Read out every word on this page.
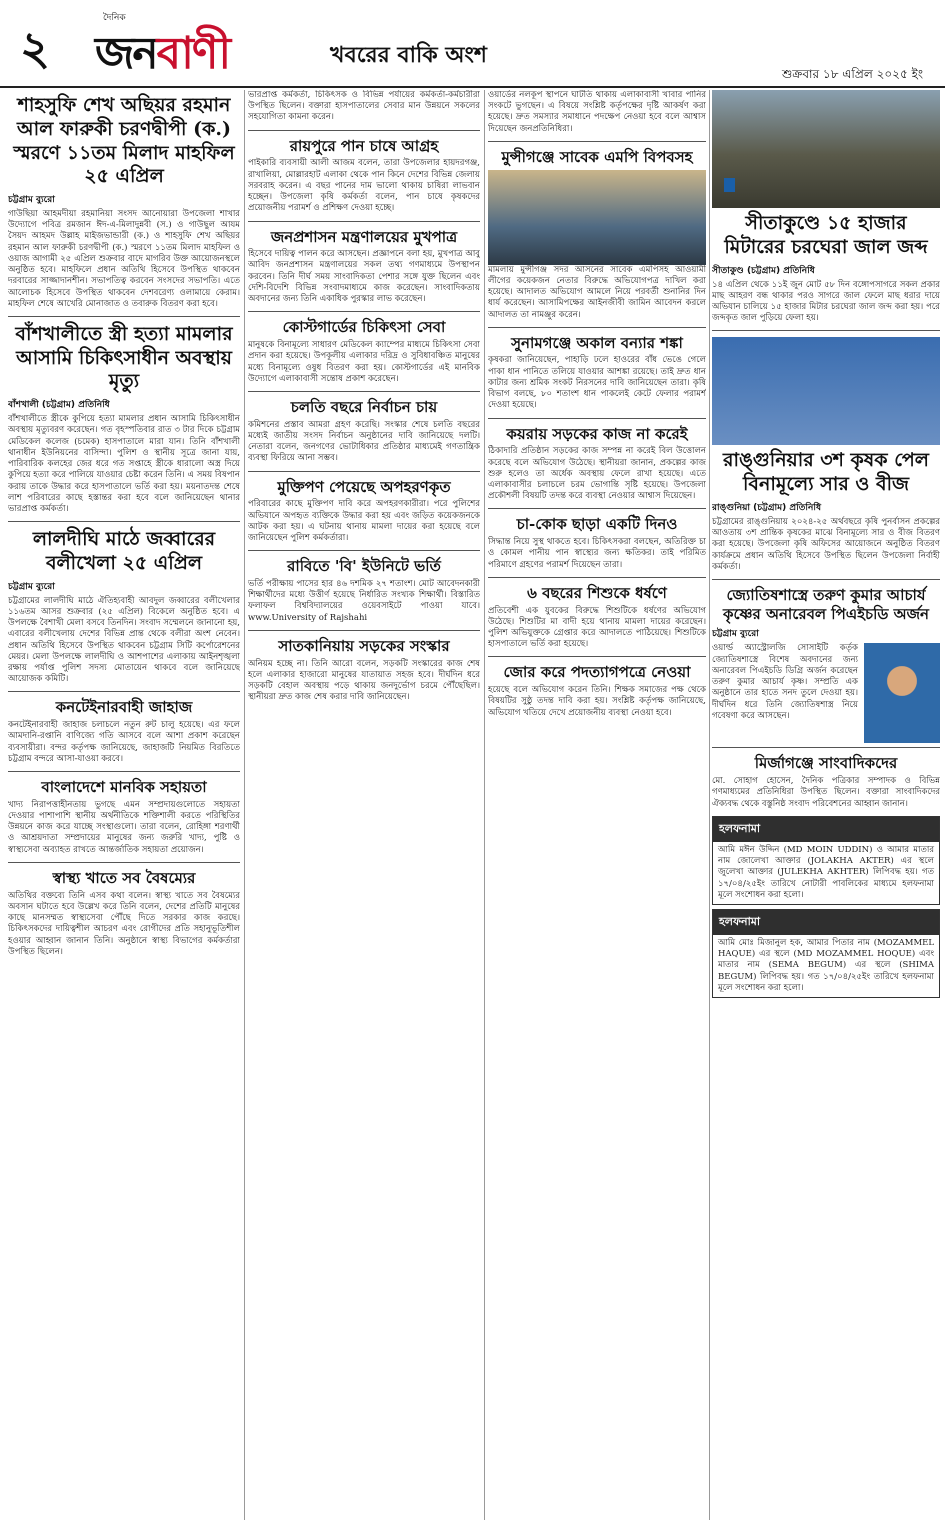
২
দৈনিক
জনবাণী	খবরের বাকি অংশ
শুক্রবার ১৮ এপ্রিল ২০২৫ ইং
শাহসুফি শেখ অছিয়র রহমান আল ফারুকী চরণদ্বীপী (ক.) স্মরণে ১১তম মিলাদ মাহফিল ২৫ এপ্রিল
চট্টগ্রাম ব্যুরো

গাউছিয়া আহমদীয়া রহমানিয়া সংসদ আনোয়ারা উপজেলা শাখার উদ্যোগে পবিত্র রমজান ঈদ-এ-মিলাদুন্নবী (স.) ও গাউছুল আযম সৈয়দ আহমদ উল্লাহ মাইজভান্ডারী (ক.) ও শাহসুফি শেখ অছিয়র রহমান আল ফারুকী চরণদ্বীপী (ক.) স্মরণে ১১তম মিলাদ মাহফিল ও ওয়াজ আগামী ২৫ এপ্রিল শুক্রবার বাদে মাগরিব উক্ত আয়োজনস্থলে অনুষ্ঠিত হবে। মাহফিলে প্রধান অতিথি হিসেবে উপস্থিত থাকবেন দরবারের সাজ্জাদানশীন। সভাপতিত্ব করবেন সংসদের সভাপতি। এতে আলোচক হিসেবে উপস্থিত থাকবেন দেশবরেণ্য ওলামায়ে কেরাম। মাহফিল শেষে আখেরি মোনাজাত ও তবারুক বিতরণ করা হবে।

বাঁশখালীতে স্ত্রী হত্যা মামলার আসামি চিকিৎসাধীন অবস্থায় মৃত্যু
বাঁশখালী (চট্টগ্রাম) প্রতিনিধি

বাঁশখালীতে স্ত্রীকে কুপিয়ে হত্যা মামলার প্রধান আসামি চিকিৎসাধীন অবস্থায় মৃত্যুবরণ করেছেন। গত বৃহস্পতিবার রাত ৩ টার দিকে চট্টগ্রাম মেডিকেল কলেজ (চমেক) হাসপাতালে মারা যান। তিনি বাঁশখালী থানাধীন ইউনিয়নের বাসিন্দা। পুলিশ ও স্থানীয় সূত্রে জানা যায়, পারিবারিক কলহের জের ধরে গত সপ্তাহে স্ত্রীকে ধারালো অস্ত্র দিয়ে কুপিয়ে হত্যা করে পালিয়ে যাওয়ার চেষ্টা করেন তিনি। এ সময় বিষপান করায় তাকে উদ্ধার করে হাসপাতালে ভর্তি করা হয়। ময়নাতদন্ত শেষে লাশ পরিবারের কাছে হস্তান্তর করা হবে বলে জানিয়েছেন থানার ভারপ্রাপ্ত কর্মকর্তা।

লালদীঘি মাঠে জব্বারের বলীখেলা ২৫ এপ্রিল
চট্টগ্রাম ব্যুরো

চট্টগ্রামের লালদীঘি মাঠে ঐতিহ্যবাহী আবদুল জব্বারের বলীখেলার ১১৬তম আসর শুক্রবার (২৫ এপ্রিল) বিকেলে অনুষ্ঠিত হবে। এ উপলক্ষে বৈশাখী মেলা বসবে তিনদিন। সংবাদ সম্মেলনে জানানো হয়, এবারের বলীখেলায় দেশের বিভিন্ন প্রান্ত থেকে বলীরা অংশ নেবেন। প্রধান অতিথি হিসেবে উপস্থিত থাকবেন চট্টগ্রাম সিটি কর্পোরেশনের মেয়র। মেলা উপলক্ষে লালদীঘি ও আশপাশের এলাকায় আইনশৃঙ্খলা রক্ষায় পর্যাপ্ত পুলিশ সদস্য মোতায়েন থাকবে বলে জানিয়েছে আয়োজক কমিটি।

কনটেইনারবাহী জাহাজ

কনটেইনারবাহী জাহাজ চলাচলে নতুন রুট চালু হয়েছে। এর ফলে আমদানি-রপ্তানি বাণিজ্যে গতি আসবে বলে আশা প্রকাশ করেছেন ব্যবসায়ীরা। বন্দর কর্তৃপক্ষ জানিয়েছে, জাহাজটি নিয়মিত বিরতিতে চট্টগ্রাম বন্দরে আসা-যাওয়া করবে।

বাংলাদেশে মানবিক সহায়তা

খাদ্য নিরাপত্তাহীনতায় ভুগছে এমন সম্প্রদায়গুলোতে সহায়তা দেওয়ার পাশাপাশি স্থানীয় অর্থনীতিকে শক্তিশালী করতে পরিস্থিতির উন্নয়নে কাজ করে যাচ্ছে সংস্থাগুলো। তারা বলেন, রোহিঙ্গা শরণার্থী ও আশ্রয়দাতা সম্প্রদায়ের মানুষের জন্য জরুরি খাদ্য, পুষ্টি ও স্বাস্থ্যসেবা অব্যাহত রাখতে আন্তর্জাতিক সহায়তা প্রয়োজন।

স্বাস্থ্য খাতে সব বৈষম্যের

অতিথির বক্তব্যে তিনি এসব কথা বলেন। স্বাস্থ্য খাতে সব বৈষম্যের অবসান ঘটাতে হবে উল্লেখ করে তিনি বলেন, দেশের প্রতিটি মানুষের কাছে মানসম্মত স্বাস্থ্যসেবা পৌঁছে দিতে সরকার কাজ করছে। চিকিৎসকদের দায়িত্বশীল আচরণ এবং রোগীদের প্রতি সহানুভূতিশীল হওয়ার আহ্বান জানান তিনি। অনুষ্ঠানে স্বাস্থ্য বিভাগের কর্মকর্তারা উপস্থিত ছিলেন।

ভারপ্রাপ্ত কর্মকর্তা, চিকিৎসক ও বিভিন্ন পর্যায়ের কর্মকর্তা-কর্মচারীরা উপস্থিত ছিলেন। বক্তারা হাসপাতালের সেবার মান উন্নয়নে সকলের সহযোগিতা কামনা করেন।

রায়পুরে পান চাষে আগ্রহ

পাইকারি ব্যবসায়ী আলী আজম বলেন, তারা উপজেলার হায়দরগঞ্জ, রাখালিয়া, মোল্লারহাট এলাকা থেকে পান কিনে দেশের বিভিন্ন জেলায় সরবরাহ করেন। এ বছর পানের দাম ভালো থাকায় চাষিরা লাভবান হচ্ছেন। উপজেলা কৃষি কর্মকর্তা বলেন, পান চাষে কৃষকদের প্রয়োজনীয় পরামর্শ ও প্রশিক্ষণ দেওয়া হচ্ছে।

জনপ্রশাসন মন্ত্রণালয়ের মুখপাত্র

হিসেবে দায়িত্ব পালন করে আসছেন। প্রজ্ঞাপনে বলা হয়, মুখপাত্র আবু আবিদ জনপ্রশাসন মন্ত্রণালয়ের সকল তথ্য গণমাধ্যমে উপস্থাপন করবেন। তিনি দীর্ঘ সময় সাংবাদিকতা পেশার সঙ্গে যুক্ত ছিলেন এবং দেশি-বিদেশি বিভিন্ন সংবাদমাধ্যমে কাজ করেছেন। সাংবাদিকতায় অবদানের জন্য তিনি একাধিক পুরস্কার লাভ করেছেন।

কোস্টগার্ডের চিকিৎসা সেবা

মানুষকে বিনামূল্যে সাধারণ মেডিকেল ক্যাম্পের মাধ্যমে চিকিৎসা সেবা প্রদান করা হয়েছে। উপকূলীয় এলাকার দরিদ্র ও সুবিধাবঞ্চিত মানুষের মধ্যে বিনামূল্যে ওষুধ বিতরণ করা হয়। কোস্টগার্ডের এই মানবিক উদ্যোগে এলাকাবাসী সন্তোষ প্রকাশ করেছেন।

চলতি বছরে নির্বাচন চায়

কমিশনের প্রস্তাব আমরা গ্রহণ করেছি। সংস্কার শেষে চলতি বছরের মধ্যেই জাতীয় সংসদ নির্বাচন অনুষ্ঠানের দাবি জানিয়েছে দলটি। নেতারা বলেন, জনগণের ভোটাধিকার প্রতিষ্ঠার মাধ্যমেই গণতান্ত্রিক ব্যবস্থা ফিরিয়ে আনা সম্ভব।

মুক্তিপণ পেয়েছে অপহরণকৃত

পরিবারের কাছে মুক্তিপণ দাবি করে অপহরণকারীরা। পরে পুলিশের অভিযানে অপহৃত ব্যক্তিকে উদ্ধার করা হয় এবং জড়িত কয়েকজনকে আটক করা হয়। এ ঘটনায় থানায় মামলা দায়ের করা হয়েছে বলে জানিয়েছেন পুলিশ কর্মকর্তারা।

রাবিতে 'বি' ইউনিটে ভর্তি

ভর্তি পরীক্ষায় পাসের হার ৪৬ দশমিক ২৭ শতাংশ। মোট আবেদনকারী শিক্ষার্থীদের মধ্যে উত্তীর্ণ হয়েছে নির্ধারিত সংখ্যক শিক্ষার্থী। বিস্তারিত ফলাফল বিশ্ববিদ্যালয়ের ওয়েবসাইটে পাওয়া যাবে। www.University of Rajshahi

সাতকানিয়ায় সড়কের সংস্কার

অনিয়ম হচ্ছে না। তিনি আরো বলেন, সড়কটি সংস্কারের কাজ শেষ হলে এলাকার হাজারো মানুষের যাতায়াত সহজ হবে। দীর্ঘদিন ধরে সড়কটি বেহাল অবস্থায় পড়ে থাকায় জনদুর্ভোগ চরমে পৌঁছেছিল। স্থানীয়রা দ্রুত কাজ শেষ করার দাবি জানিয়েছেন।

ওয়ার্ডের নলকূপ স্থাপনে ঘাটতি থাকায় এলাকাবাসী খাবার পানির সংকটে ভুগছেন। এ বিষয়ে সংশ্লিষ্ট কর্তৃপক্ষের দৃষ্টি আকর্ষণ করা হয়েছে। দ্রুত সমস্যার সমাধানে পদক্ষেপ নেওয়া হবে বলে আশ্বাস দিয়েছেন জনপ্রতিনিধিরা।

মুন্সীগঞ্জে সাবেক এমপি বিপবসহ

মামলায় মুন্সীগঞ্জ সদর আসনের সাবেক এমপিসহ আওয়ামী লীগের কয়েকজন নেতার বিরুদ্ধে অভিযোগপত্র দাখিল করা হয়েছে। আদালত অভিযোগ আমলে নিয়ে পরবর্তী শুনানির দিন ধার্য করেছেন। আসামিপক্ষের আইনজীবী জামিন আবেদন করলে আদালত তা নামঞ্জুর করেন।

সুনামগঞ্জে অকাল বন্যার শঙ্কা

কৃষকরা জানিয়েছেন, পাহাড়ি ঢলে হাওরের বাঁধ ভেঙে গেলে পাকা ধান পানিতে তলিয়ে যাওয়ার আশঙ্কা রয়েছে। তাই দ্রুত ধান কাটার জন্য শ্রমিক সংকট নিরসনের দাবি জানিয়েছেন তারা। কৃষি বিভাগ বলছে, ৮০ শতাংশ ধান পাকলেই কেটে ফেলার পরামর্শ দেওয়া হয়েছে।

কয়রায় সড়কের কাজ না করেই

ঠিকাদারি প্রতিষ্ঠান সড়কের কাজ সম্পন্ন না করেই বিল উত্তোলন করেছে বলে অভিযোগ উঠেছে। স্থানীয়রা জানান, প্রকল্পের কাজ শুরু হলেও তা অর্ধেক অবস্থায় ফেলে রাখা হয়েছে। এতে এলাকাবাসীর চলাচলে চরম ভোগান্তি সৃষ্টি হয়েছে। উপজেলা প্রকৌশলী বিষয়টি তদন্ত করে ব্যবস্থা নেওয়ার আশ্বাস দিয়েছেন।

চা-কোক ছাড়া একটি দিনও

সিদ্ধান্ত নিয়ে সুস্থ থাকতে হবে। চিকিৎসকরা বলছেন, অতিরিক্ত চা ও কোমল পানীয় পান স্বাস্থ্যের জন্য ক্ষতিকর। তাই পরিমিত পরিমাণে গ্রহণের পরামর্শ দিয়েছেন তারা।

৬ বছরের শিশুকে ধর্ষণে

প্রতিবেশী এক যুবকের বিরুদ্ধে শিশুটিকে ধর্ষণের অভিযোগ উঠেছে। শিশুটির মা বাদী হয়ে থানায় মামলা দায়ের করেছেন। পুলিশ অভিযুক্তকে গ্রেপ্তার করে আদালতে পাঠিয়েছে। শিশুটিকে হাসপাতালে ভর্তি করা হয়েছে।

জোর করে পদত্যাগপত্রে নেওয়া

হয়েছে বলে অভিযোগ করেন তিনি। শিক্ষক সমাজের পক্ষ থেকে বিষয়টির সুষ্ঠু তদন্ত দাবি করা হয়। সংশ্লিষ্ট কর্তৃপক্ষ জানিয়েছে, অভিযোগ খতিয়ে দেখে প্রয়োজনীয় ব্যবস্থা নেওয়া হবে।

সীতাকুণ্ডে ১৫ হাজার মিটারের চরঘেরা জাল জব্দ
সীতাকুণ্ড (চট্টগ্রাম) প্রতিনিধি

১৪ এপ্রিল থেকে ১১ই জুন মোট ৫৮ দিন বঙ্গোপসাগরে সকল প্রকার মাছ আহরণ বন্ধ থাকার পরও সাগরে জাল ফেলে মাছ ধরার দায়ে অভিযান চালিয়ে ১৫ হাজার মিটার চরঘেরা জাল জব্দ করা হয়। পরে জব্দকৃত জাল পুড়িয়ে ফেলা হয়।

রাঙ্গুনিয়ার ৩শ কৃষক পেল বিনামূল্যে সার ও বীজ
রাঙ্গুনিয়া (চট্টগ্রাম) প্রতিনিধি

চট্টগ্রামের রাঙ্গুনিয়ায় ২০২৪-২৫ অর্থবছরে কৃষি পুনর্বাসন প্রকল্পের আওতায় ৩শ প্রান্তিক কৃষকের মাঝে বিনামূল্যে সার ও বীজ বিতরণ করা হয়েছে। উপজেলা কৃষি অফিসের আয়োজনে অনুষ্ঠিত বিতরণ কার্যক্রমে প্রধান অতিথি হিসেবে উপস্থিত ছিলেন উপজেলা নির্বাহী কর্মকর্তা।

জ্যোতিষশাস্ত্রে তরুণ কুমার আচার্য কৃষ্ণের অনারেবল পিএইচডি অর্জন
চট্টগ্রাম ব্যুরো

ওয়ার্ল্ড অ্যাস্ট্রোলজি সোসাইটি কর্তৃক জ্যোতিষশাস্ত্রে বিশেষ অবদানের জন্য অনারেবল পিএইচডি ডিগ্রি অর্জন করেছেন তরুণ কুমার আচার্য কৃষ্ণ। সম্প্রতি এক অনুষ্ঠানে তার হাতে সনদ তুলে দেওয়া হয়। দীর্ঘদিন ধরে তিনি জ্যোতিষশাস্ত্র নিয়ে গবেষণা করে আসছেন।

মির্জাগঞ্জে সাংবাদিকদের

মো. সোহাগ হোসেন, দৈনিক পত্রিকার সম্পাদক ও বিভিন্ন গণমাধ্যমের প্রতিনিধিরা উপস্থিত ছিলেন। বক্তারা সাংবাদিকদের ঐক্যবদ্ধ থেকে বস্তুনিষ্ঠ সংবাদ পরিবেশনের আহ্বান জানান।

হলফনামা

আমি মঈন উদ্দিন (MD MOIN UDDIN) ও আমার মাতার নাম জোলেখা আক্তার (JOLAKHA AKTER) এর স্থলে জুলেখা আক্তার (JULEKHA AKHTER) লিপিবদ্ধ হয়। গত ১৭/০৪/২৫ইং তারিখে নোটারী পাবলিকের মাধ্যমে হলফনামা মূলে সংশোধন করা হলো।

হলফনামা

আমি মোঃ মিজানুল হক, আমার পিতার নাম (MOZAMMEL HAQUE) এর স্থলে (MD MOZAMMEL HOQUE) এবং মাতার নাম (SEMA BEGUM) এর স্থলে (SHIMA BEGUM) লিপিবদ্ধ হয়। গত ১৭/০৪/২৫ইং তারিখে হলফনামা মূলে সংশোধন করা হলো।
